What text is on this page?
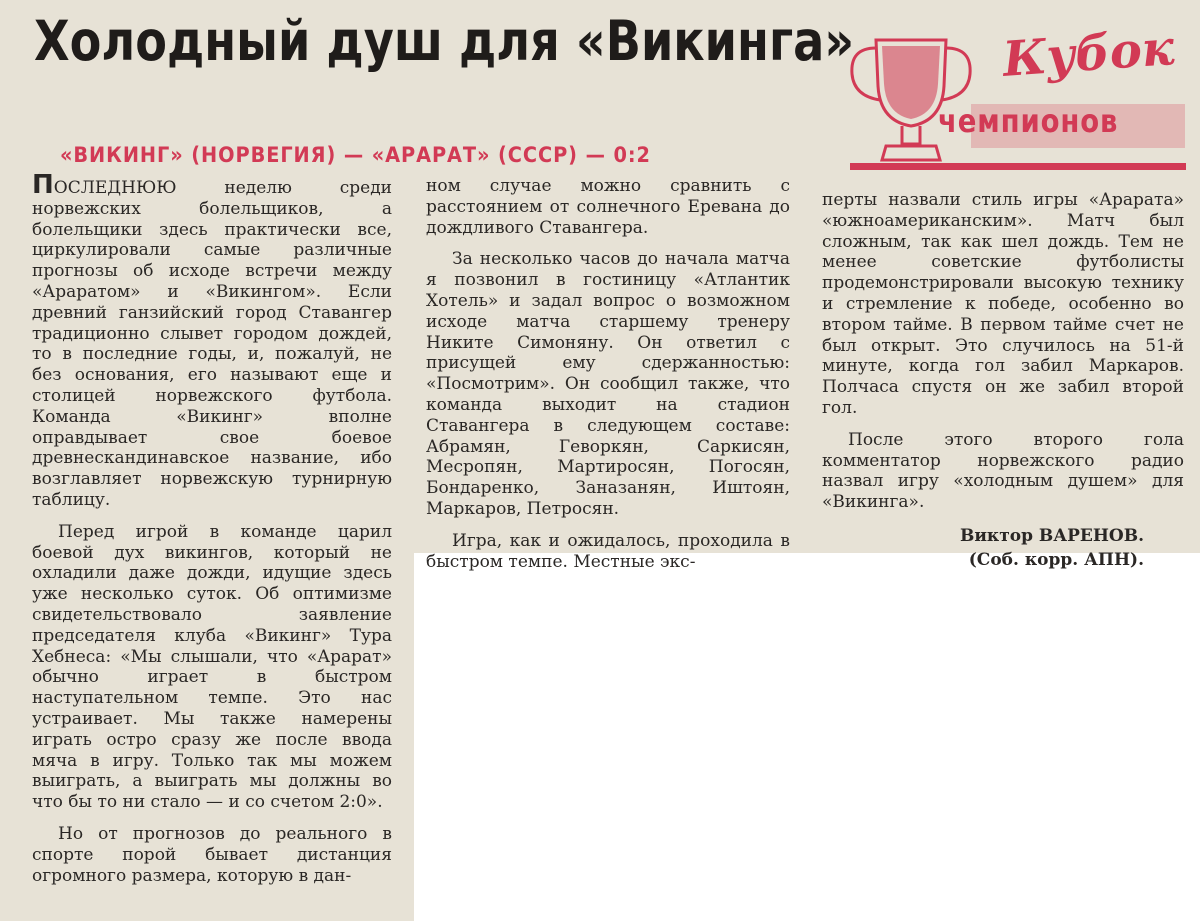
Холодный душ для «Викинга»	Кубок
чемпионов
«ВИКИНГ» (НОРВЕГИЯ) — «АРАРАТ» (СССР) — 0:2

ПОСЛЕДНЮЮ неделю среди норвежских болельщиков, а болельщики здесь практически все, циркулировали самые различные прогнозы об исходе встречи между «Араратом» и «Викингом». Если древний ганзийский город Ставангер традиционно слывет городом дождей, то в последние годы, и, пожалуй, не без основания, его называют еще и столицей норвежского футбола. Команда «Викинг» вполне оправдывает свое боевое древнескандинавское название, ибо возглавляет норвежскую турнирную таблицу.

Перед игрой в команде царил боевой дух викингов, который не охладили даже дожди, идущие здесь уже несколько суток. Об оптимизме свидетельствовало заявление председателя клуба «Викинг» Тура Хебнеса: «Мы слышали, что «Арарат» обычно играет в быстром наступательном темпе. Это нас устраивает. Мы также намерены играть остро сразу же после ввода мяча в игру. Только так мы можем выиграть, а выиграть мы должны во что бы то ни стало — и со счетом 2:0».

Но от прогнозов до реального в спорте порой бывает дистанция огромного размера, которую в дан-

ном случае можно сравнить с расстоянием от солнечного Еревана до дождливого Ставангера.

За несколько часов до начала матча я позвонил в гостиницу «Атлантик Хотель» и задал вопрос о возможном исходе матча старшему тренеру Никите Симоняну. Он ответил с присущей ему сдержанностью: «Посмотрим». Он сообщил также, что команда выходит на стадион Ставангера в следующем составе: Абрамян, Геворкян, Саркисян, Месропян, Мартиросян, Погосян, Бондаренко, Заназанян, Иштоян, Маркаров, Петросян.

Игра, как и ожидалось, проходила в быстром темпе. Местные экс-

перты назвали стиль игры «Арарата» «южноамериканским». Матч был сложным, так как шел дождь. Тем не менее советские футболисты продемонстрировали высокую технику и стремление к победе, особенно во втором тайме. В первом тайме счет не был открыт. Это случилось на 51-й минуте, когда гол забил Маркаров. Полчаса спустя он же забил второй гол.

После этого второго гола комментатор норвежского радио назвал игру «холодным душем» для «Викинга».

Виктор ВАРЕНОВ.
(Соб. корр. АПН).
